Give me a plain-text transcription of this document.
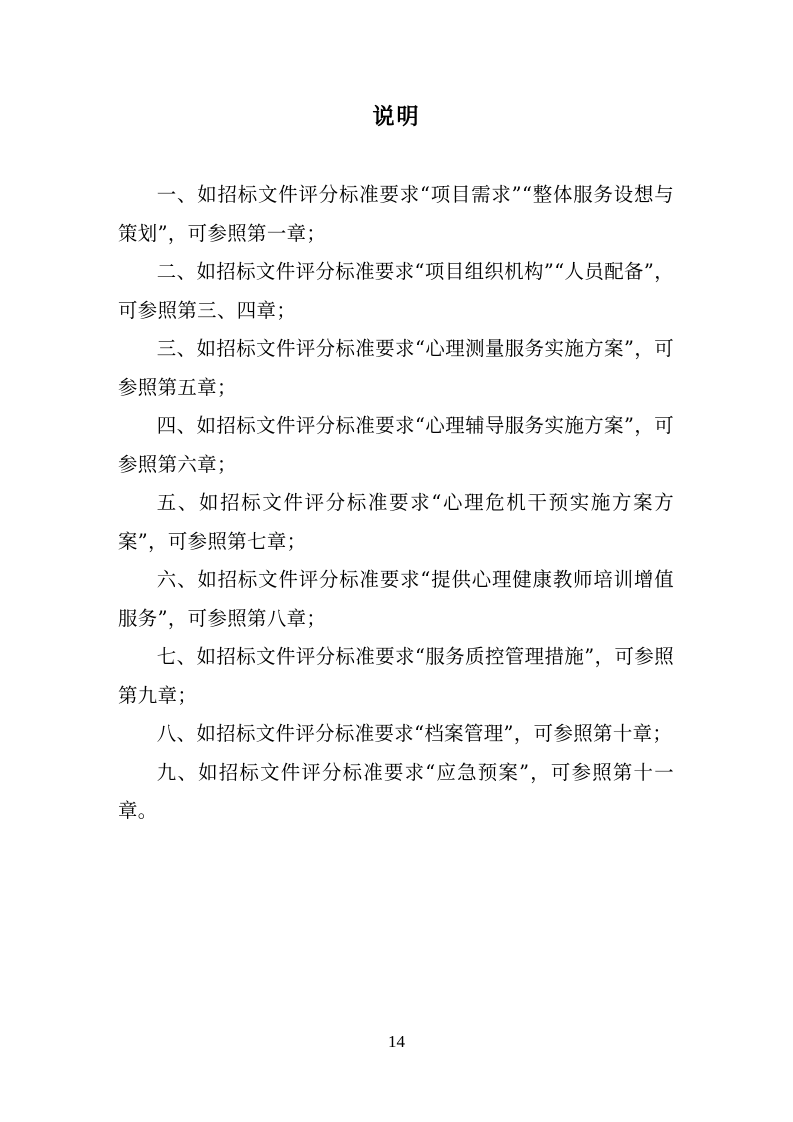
说明

一、如招标文件评分标准要求“项目需求”“整体服务设想与策划”，可参照第一章；

二、如招标文件评分标准要求“项目组织机构”“人员配备”，可参照第三、四章；

三、如招标文件评分标准要求“心理测量服务实施方案”，可参照第五章；

四、如招标文件评分标准要求“心理辅导服务实施方案”，可参照第六章；

五、如招标文件评分标准要求“心理危机干预实施方案方案”，可参照第七章；

六、如招标文件评分标准要求“提供心理健康教师培训增值服务”，可参照第八章；

七、如招标文件评分标准要求“服务质控管理措施”，可参照第九章；

八、如招标文件评分标准要求“档案管理”，可参照第十章；

九、如招标文件评分标准要求“应急预案”，可参照第十一章。

14
